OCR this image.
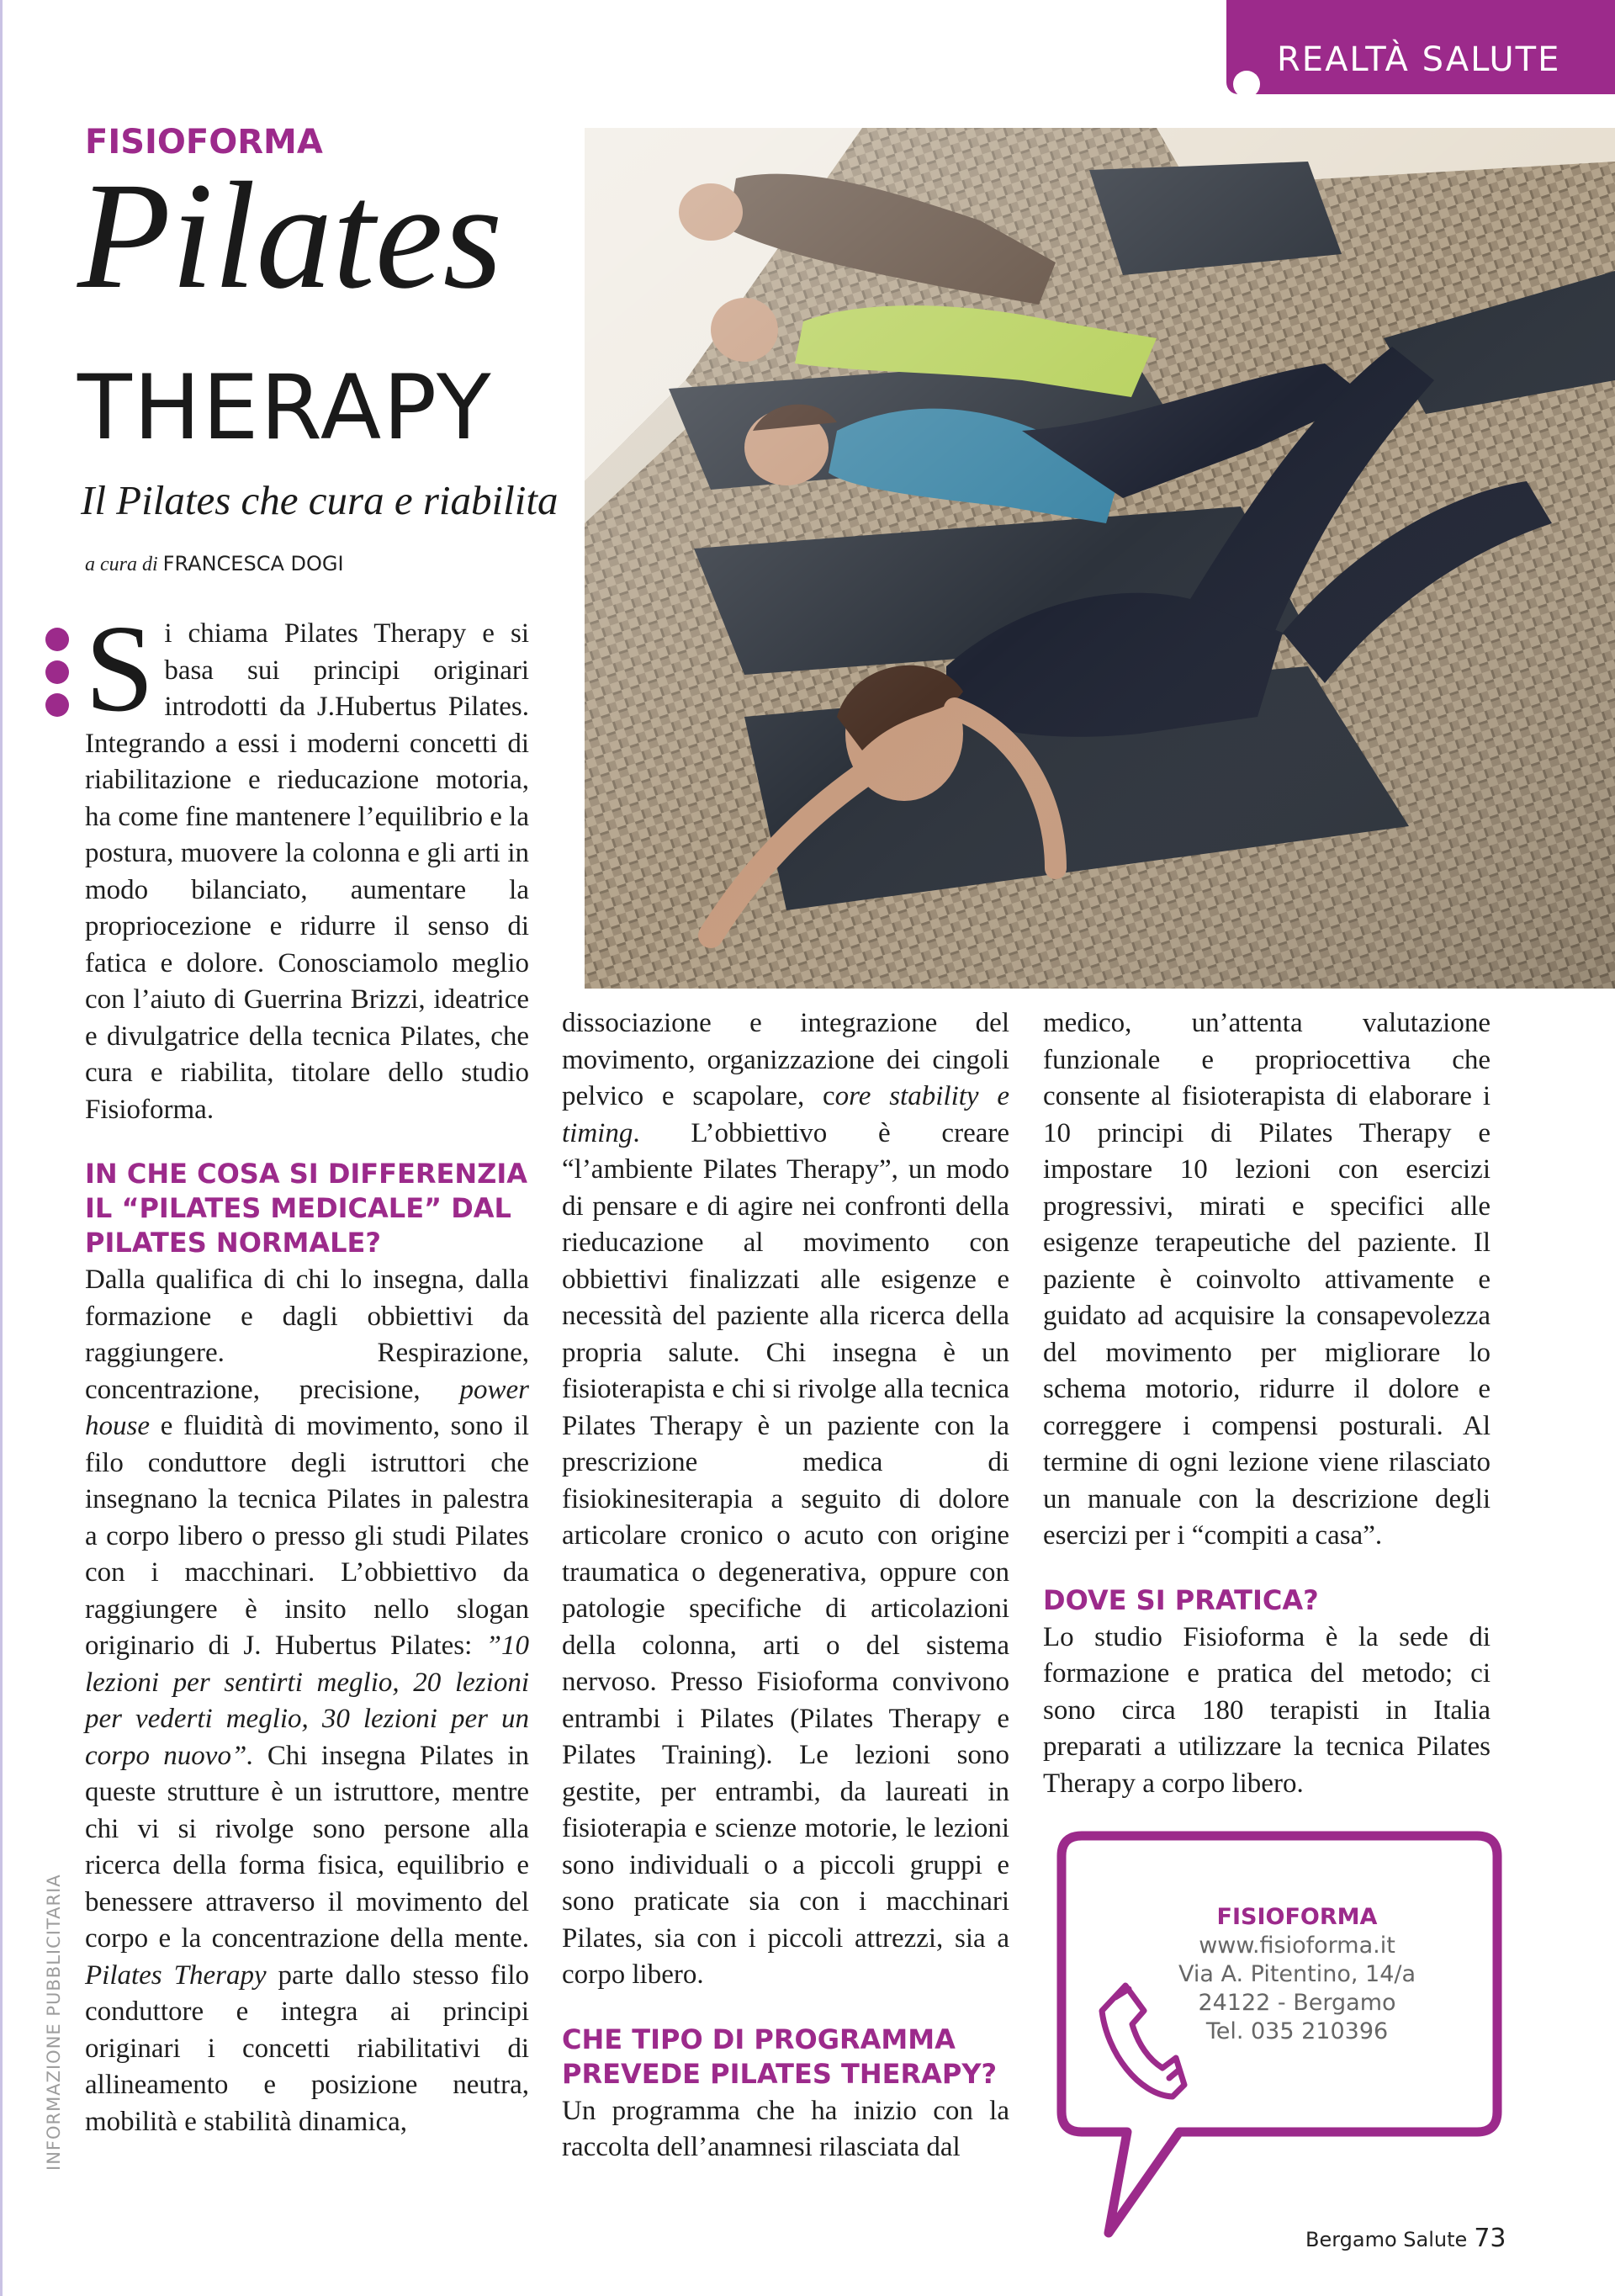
REALTÀ SALUTE
FISIOFORMA
Pilates
THERAPY
Il Pilates che cura e riabilita
a cura di FRANCESCA DOGI

Si chiama Pilates Therapy e si basa sui principi originari introdotti da J.Hubertus Pilates. Integrando a essi i moderni concetti di riabilitazione e rieducazione motoria, ha come fine mantenere l’equilibrio e la postura, muovere la colonna e gli arti in modo bilanciato, aumentare la propriocezione e ridurre il senso di fatica e dolore. Conosciamolo meglio con l’aiuto di Guerrina Brizzi, ideatrice e divulgatrice della tecnica Pilates, che cura e riabilita, titolare dello studio Fisioforma.

IN CHE COSA SI DIFFERENZIA IL “PILATES MEDICALE” DAL PILATES NORMALE?

Dalla qualifica di chi lo insegna, dalla formazione e dagli obbiettivi da raggiungere. Respirazione, concentrazione, precisione, power house e fluidità di movimento, sono il filo conduttore degli istruttori che insegnano la tecnica Pilates in palestra a corpo libero o presso gli studi Pilates con i macchinari. L’obbiettivo da raggiungere è insito nello slogan originario di J. Hubertus Pilates: ”10 lezioni per sentirti meglio, 20 lezioni per vederti meglio, 30 lezioni per un corpo nuovo”. Chi insegna Pilates in queste strutture è un istruttore, mentre chi vi si rivolge sono persone alla ricerca della forma fisica, equilibrio e benessere attraverso il movimento del corpo e la concentrazione della mente. Pilates Therapy parte dallo stesso filo conduttore e integra ai principi originari i concetti riabilitativi di allineamento e posizione neutra, mobilità e stabilità dinamica,

dissociazione e integrazione del movimento, organizzazione dei cingoli pelvico e scapolare, core stability e timing. L’obbiettivo è creare “l’ambiente Pilates Therapy”, un modo di pensare e di agire nei confronti della rieducazione al movimento con obbiettivi finalizzati alle esigenze e necessità del paziente alla ricerca della propria salute. Chi insegna è un fisioterapista e chi si rivolge alla tecnica Pilates Therapy è un paziente con la prescrizione medica di fisiokinesiterapia a seguito di dolore articolare cronico o acuto con origine traumatica o degenerativa, oppure con patologie specifiche di articolazioni della colonna, arti o del sistema nervoso. Presso Fisioforma convivono entrambi i Pilates (Pilates Therapy e Pilates Training). Le lezioni sono gestite, per entrambi, da laureati in fisioterapia e scienze motorie, le lezioni sono individuali o a piccoli gruppi e sono praticate sia con i macchinari Pilates, sia con i piccoli attrezzi, sia a corpo libero.

CHE TIPO DI PROGRAMMA PREVEDE PILATES THERAPY?

Un programma che ha inizio con la raccolta dell’anamnesi rilasciata dal

medico, un’attenta valutazione funzionale e propriocettiva che consente al fisioterapista di elaborare i 10 principi di Pilates Therapy e impostare 10 lezioni con esercizi progressivi, mirati e specifici alle esigenze terapeutiche del paziente. Il paziente è coinvolto attivamente e guidato ad acquisire la consapevolezza del movimento per migliorare lo schema motorio, ridurre il dolore e correggere i compensi posturali. Al termine di ogni lezione viene rilasciato un manuale con la descrizione degli esercizi per i “compiti a casa”.

DOVE SI PRATICA?

Lo studio Fisioforma è la sede di formazione e pratica del metodo; ci sono circa 180 terapisti in Italia preparati a utilizzare la tecnica Pilates Therapy a corpo libero.

FISIOFORMA
www.fisioforma.it
Via A. Pitentino, 14/a
24122 - Bergamo
Tel. 035 210396
INFORMAZIONE PUBBLICITARIA
Bergamo Salute 73
